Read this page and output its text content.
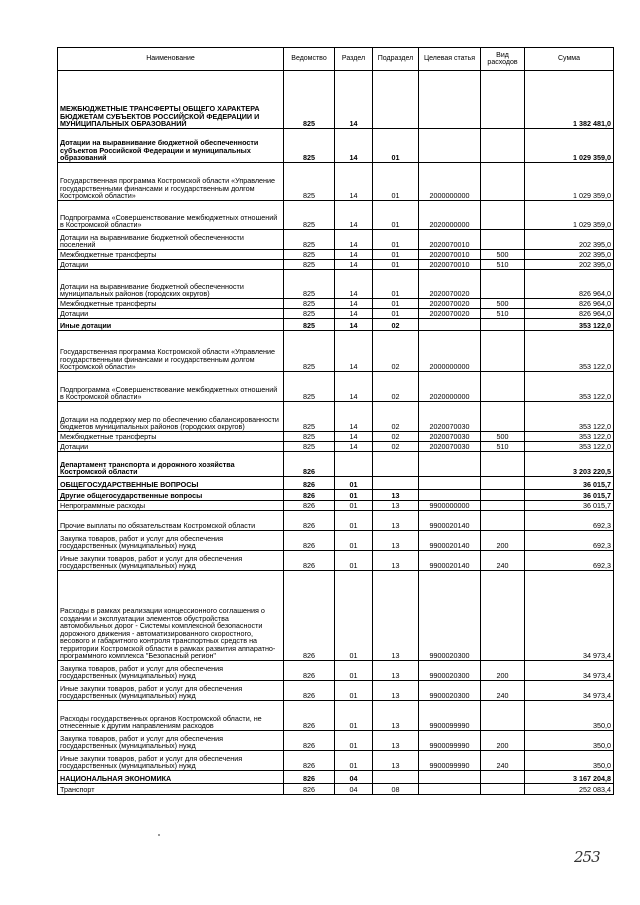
Наименование	Ведомство	Раздел	Подраздел	Целевая статья	Вид расходов	Сумма
МЕЖБЮДЖЕТНЫЕ ТРАНСФЕРТЫ ОБЩЕГО ХАРАКТЕРА БЮДЖЕТАМ СУБЪЕКТОВ РОССИЙСКОЙ ФЕДЕРАЦИИ И МУНИЦИПАЛЬНЫХ ОБРАЗОВАНИЙ	825	14				1 382 481,0
Дотации на выравнивание бюджетной обеспеченности субъектов Российской Федерации и муниципальных образований	825	14	01			1 029 359,0
Государственная программа Костромской области «Управление государственными финансами и государственным долгом Костромской области»	825	14	01	2000000000		1 029 359,0
Подпрограмма «Совершенствование межбюджетных отношений в Костромской области»	825	14	01	2020000000		1 029 359,0
Дотации на выравнивание бюджетной обеспеченности поселений	825	14	01	2020070010		202 395,0
Межбюджетные трансферты	825	14	01	2020070010	500	202 395,0
Дотации	825	14	01	2020070010	510	202 395,0
Дотации на выравнивание бюджетной обеспеченности муниципальных районов (городских округов)	825	14	01	2020070020		826 964,0
Межбюджетные трансферты	825	14	01	2020070020	500	826 964,0
Дотации	825	14	01	2020070020	510	826 964,0
Иные дотации	825	14	02			353 122,0
Государственная программа Костромской области «Управление государственными финансами и государственным долгом Костромской области»	825	14	02	2000000000		353 122,0
Подпрограмма «Совершенствование межбюджетных отношений в Костромской области»	825	14	02	2020000000		353 122,0
Дотации на поддержку мер по обеспечению сбалансированности бюджетов муниципальных районов (городских округов)	825	14	02	2020070030		353 122,0
Межбюджетные трансферты	825	14	02	2020070030	500	353 122,0
Дотации	825	14	02	2020070030	510	353 122,0
Департамент транспорта и дорожного хозяйства Костромской области	826					3 203 220,5
ОБЩЕГОСУДАРСТВЕННЫЕ ВОПРОСЫ	826	01				36 015,7
Другие общегосударственные вопросы	826	01	13			36 015,7
Непрограммные расходы	826	01	13	9900000000		36 015,7
Прочие выплаты по обязательствам Костромской области	826	01	13	9900020140		692,3
Закупка товаров, работ и услуг для обеспечения государственных (муниципальных) нужд	826	01	13	9900020140	200	692,3
Иные закупки товаров, работ и услуг для обеспечения государственных (муниципальных) нужд	826	01	13	9900020140	240	692,3
Расходы в рамках реализации концессионного соглашения о создании и эксплуатации элементов обустройства автомобильных дорог - Системы комплексной безопасности дорожного движения - автоматизированного скоростного, весового и габаритного контроля транспортных средств на территории Костромской области в рамках развития аппаратно-программного комплекса "Безопасный регион"	826	01	13	9900020300		34 973,4
Закупка товаров, работ и услуг для обеспечения государственных (муниципальных) нужд	826	01	13	9900020300	200	34 973,4
Иные закупки товаров, работ и услуг для обеспечения государственных (муниципальных) нужд	826	01	13	9900020300	240	34 973,4
Расходы государственных органов Костромской области, не отнесенные к другим направлениям расходов	826	01	13	9900099990		350,0
Закупка товаров, работ и услуг для обеспечения государственных (муниципальных) нужд	826	01	13	9900099990	200	350,0
Иные закупки товаров, работ и услуг для обеспечения государственных (муниципальных) нужд	826	01	13	9900099990	240	350,0
НАЦИОНАЛЬНАЯ ЭКОНОМИКА	826	04				3 167 204,8
Транспорт	826	04	08			252 083,4
253
